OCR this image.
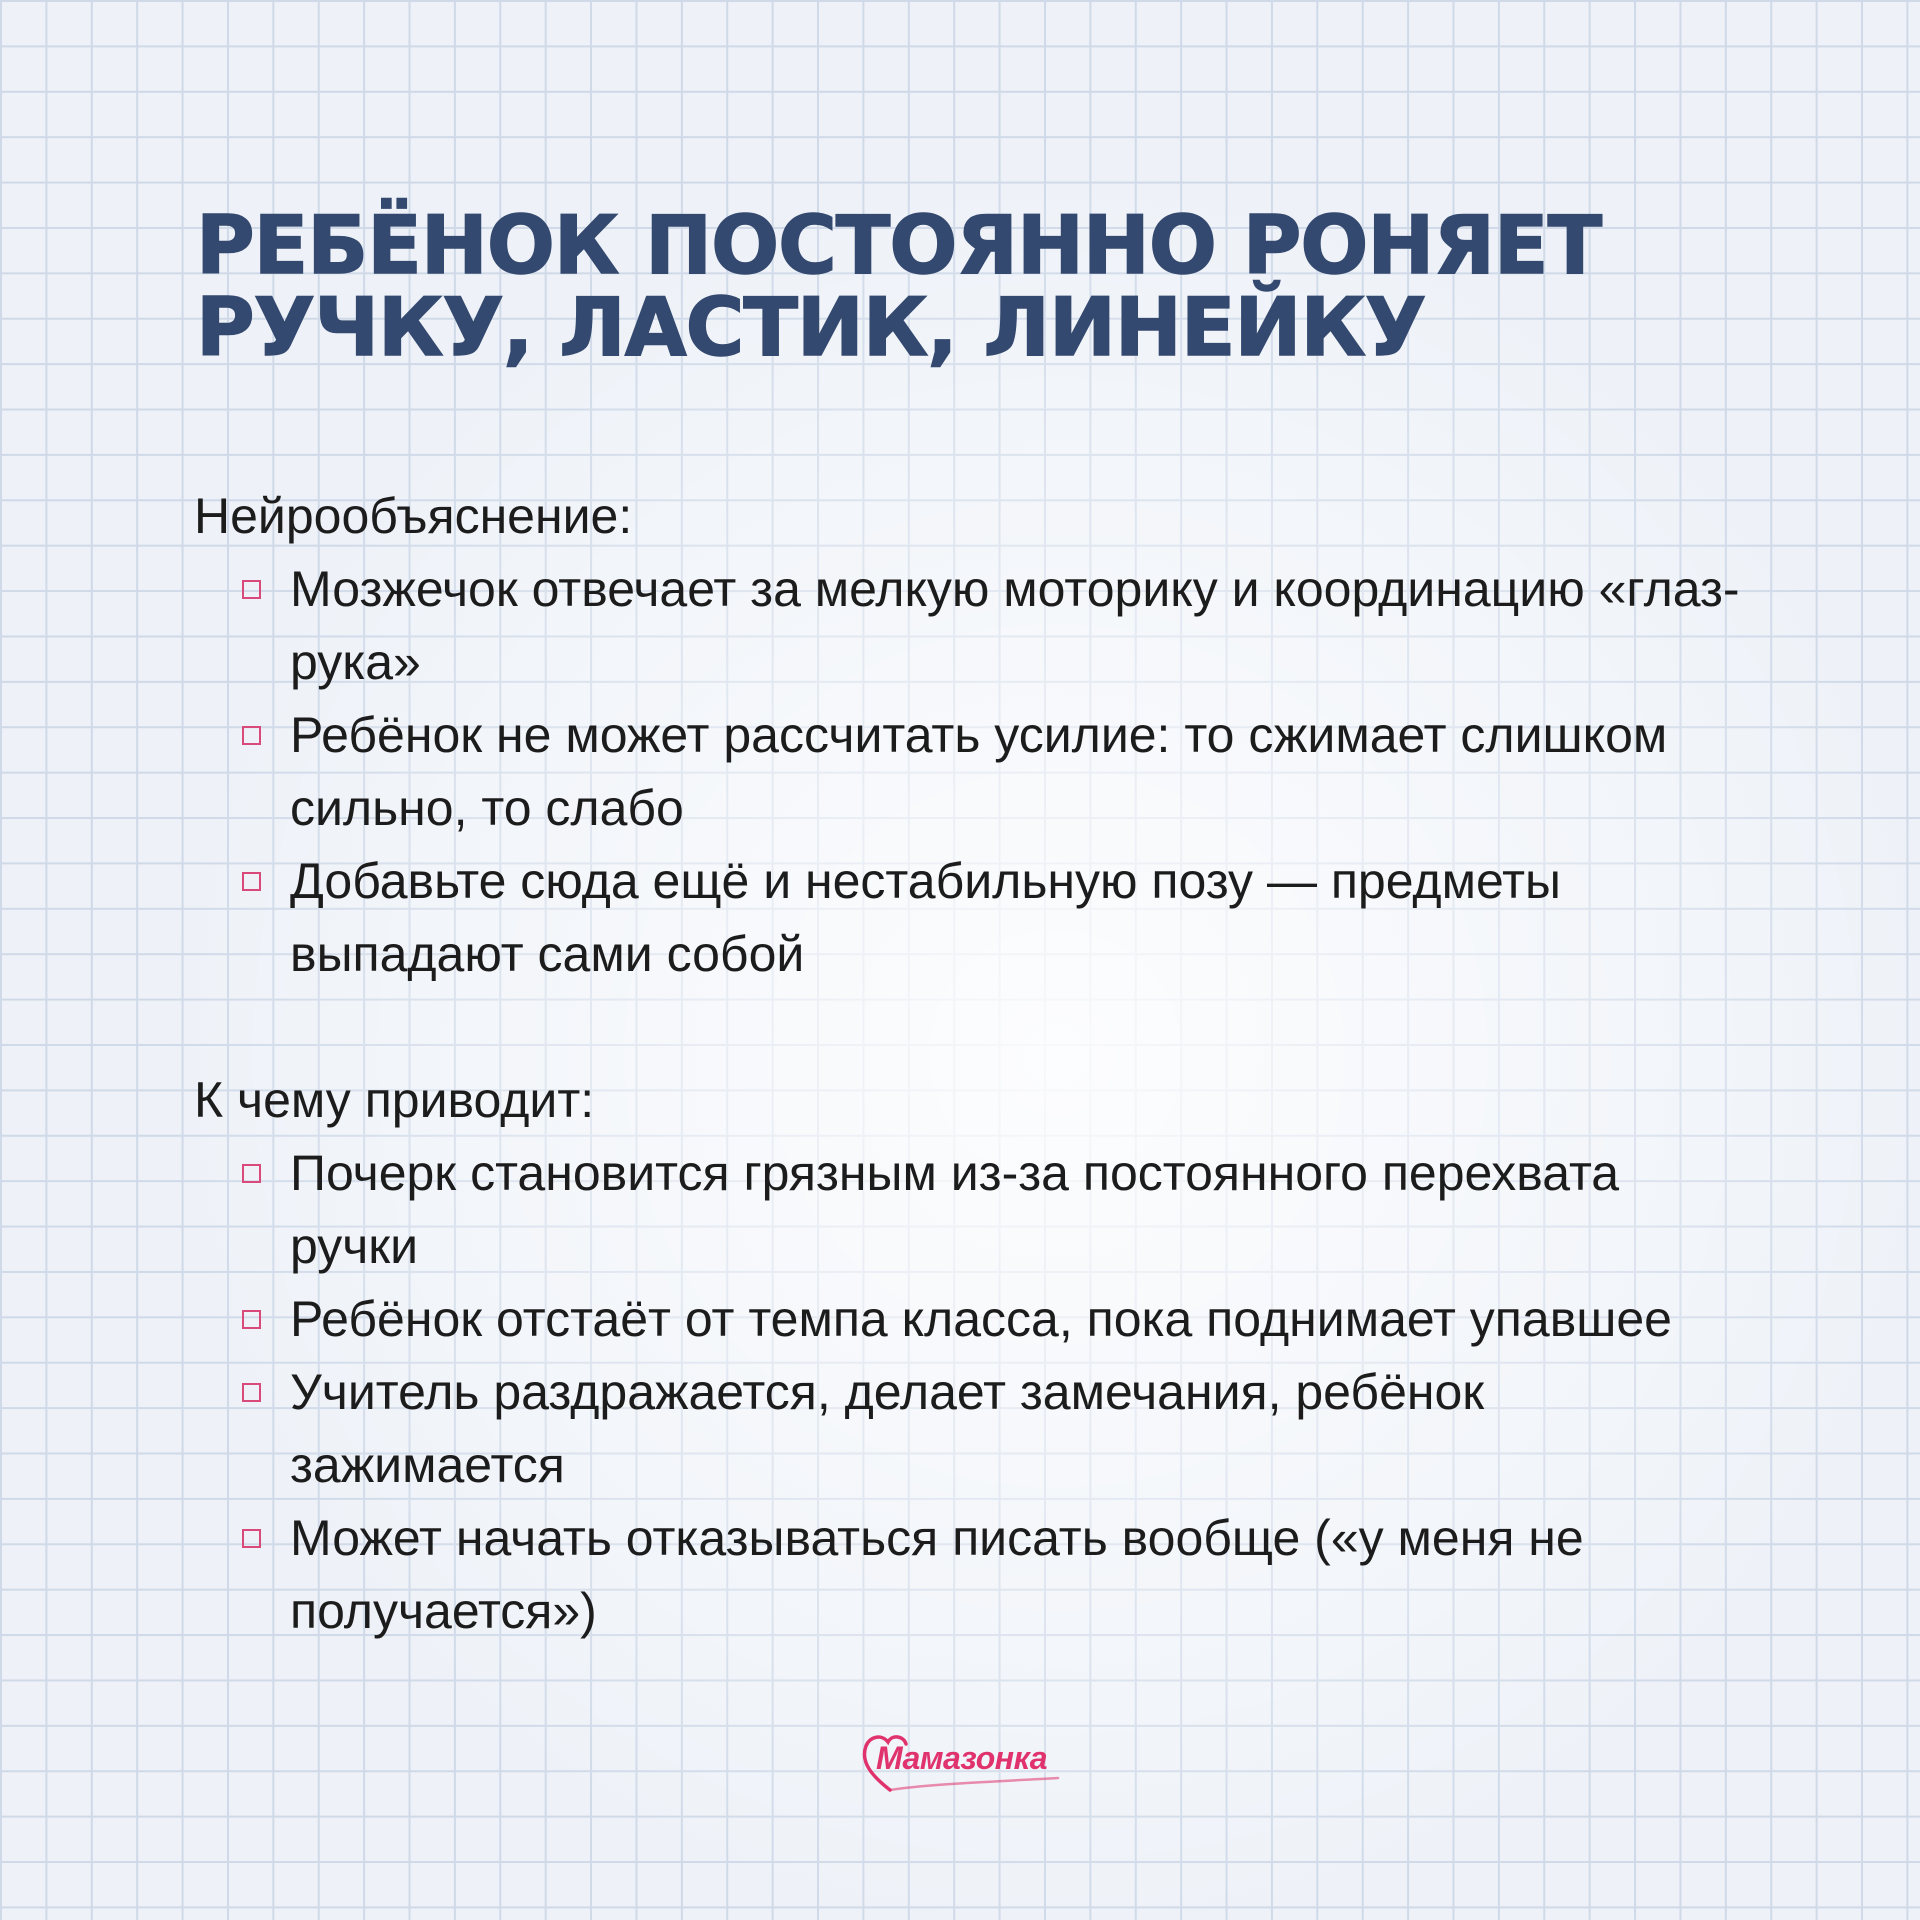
РЕБЁНОК ПОСТОЯННО РОНЯЕТ
РУЧКУ, ЛАСТИК, ЛИНЕЙКУ

Нейрообъяснение:

Мозжечок отвечает за мелкую моторику и координацию «глаз-рука»
Ребёнок не может рассчитать усилие: то сжимает слишком сильно, то слабо
Добавьте сюда ещё и нестабильную позу — предметы выпадают сами собой

К чему приводит:

Почерк становится грязным из-за постоянного перехвата ручки
Ребёнок отстаёт от темпа класса, пока поднимает упавшее
Учитель раздражается, делает замечания, ребёнок зажимается
Может начать отказываться писать вообще («у меня не получается»)
Мамазонка
